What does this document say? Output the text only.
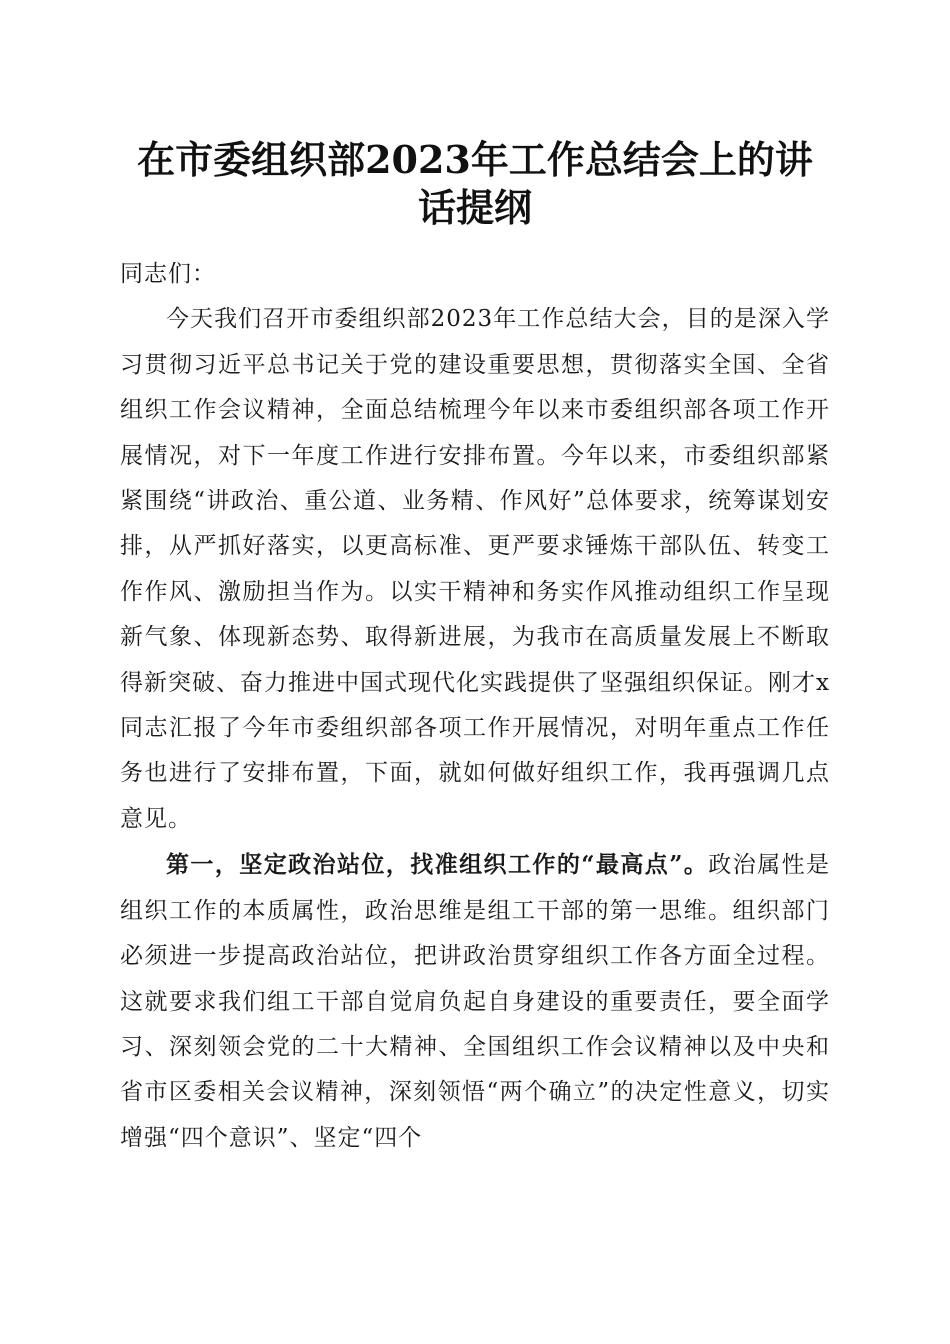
在市委组织部2023年工作总结会上的讲话提纲

同志们：

今天我们召开市委组织部2023年工作总结大会，目的是深入学习贯彻习近平总书记关于党的建设重要思想，贯彻落实全国、全省组织工作会议精神，全面总结梳理今年以来市委组织部各项工作开展情况，对下一年度工作进行安排布置。今年以来，市委组织部紧紧围绕“讲政治、重公道、业务精、作风好”总体要求，统筹谋划安排，从严抓好落实，以更高标准、更严要求锤炼干部队伍、转变工作作风、激励担当作为。以实干精神和务实作风推动组织工作呈现新气象、体现新态势、取得新进展，为我市在高质量发展上不断取得新突破、奋力推进中国式现代化实践提供了坚强组织保证。刚才x同志汇报了今年市委组织部各项工作开展情况，对明年重点工作任务也进行了安排布置，下面，就如何做好组织工作，我再强调几点意见。

第一，坚定政治站位，找准组织工作的“最高点”。政治属性是组织工作的本质属性，政治思维是组工干部的第一思维。组织部门必须进一步提高政治站位，把讲政治贯穿组织工作各方面全过程。这就要求我们组工干部自觉肩负起自身建设的重要责任，要全面学习、深刻领会党的二十大精神、全国组织工作会议精神以及中央和省市区委相关会议精神，深刻领悟“两个确立”的决定性意义，切实增强“四个意识”、坚定“四个
